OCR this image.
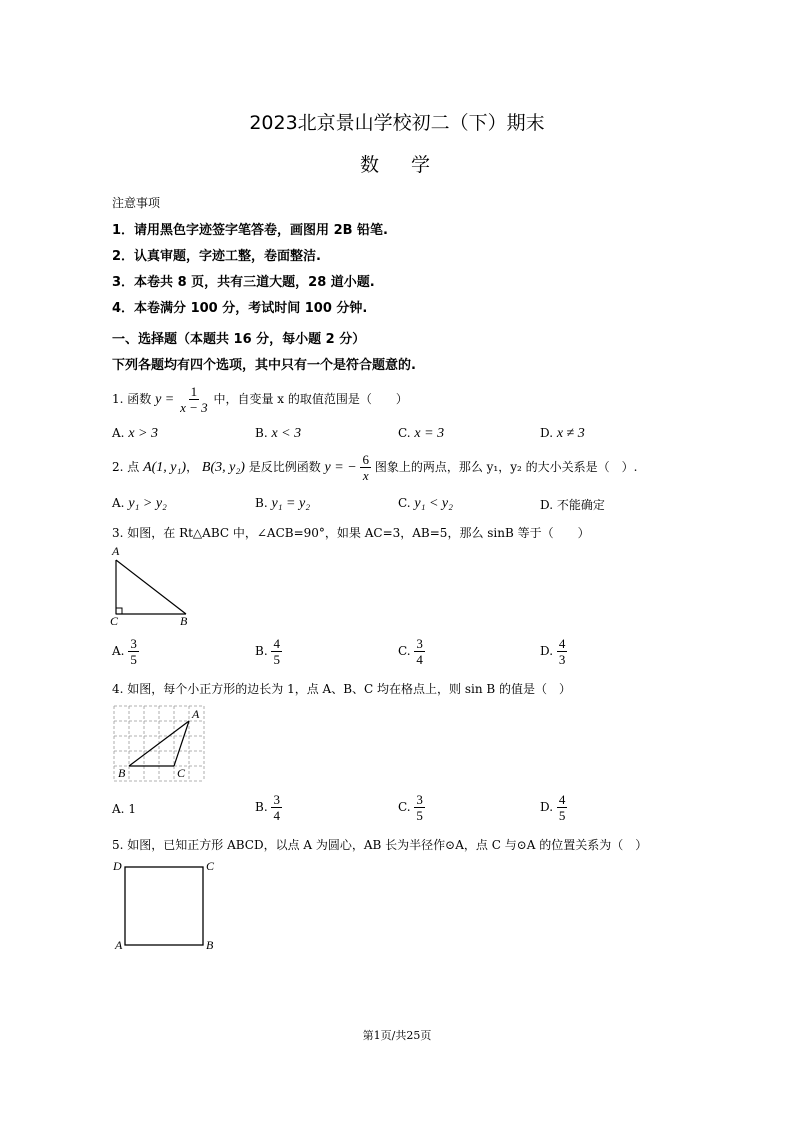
2023北京景山学校初二（下）期末
数学
注意事项
1．请用黑色字迹签字笔答卷，画图用 2B 铅笔.
2．认真审题，字迹工整，卷面整洁.
3．本卷共 8 页，共有三道大题，28 道小题.
4．本卷满分 100 分，考试时间 100 分钟.
一、选择题（本题共 16 分，每小题 2 分）
下列各题均有四个选项，其中只有一个是符合题意的.
1. 函数 $y = \frac{1}{x - 3}$ 中，自变量 x 的取值范围是（　　）
A. x > 3	B. x < 3	C. x = 3	D. x ≠ 3
2. 点 A(1, y₁)， B(3, y₂) 是反比例函数 y = − $\frac{6}{x}$ 图象上的两点，那么 y₁，y₂ 的大小关系是（　）.
A. y₁ > y₂	B. y₁ = y₂	C. y₁ < y₂	D. 不能确定
3. 如图，在 Rt△ABC 中，∠ACB=90°，如果 AC=3，AB=5，那么 sinB 等于（　　）
A
C	B
A. $\frac{3}{5}$	B. $\frac{4}{5}$	C. $\frac{3}{4}$	D. $\frac{4}{3}$
4. 如图，每个小正方形的边长为 1，点 A、B、C 均在格点上，则 sin B 的值是（　）
A
B	C
A. 1	B. $\frac{3}{4}$	C. $\frac{3}{5}$	D. $\frac{4}{5}$
5. 如图，已知正方形 ABCD，以点 A 为圆心，AB 长为半径作⊙A，点 C 与⊙A 的位置关系为（　）
D	C
A	B
第1页/共25页
